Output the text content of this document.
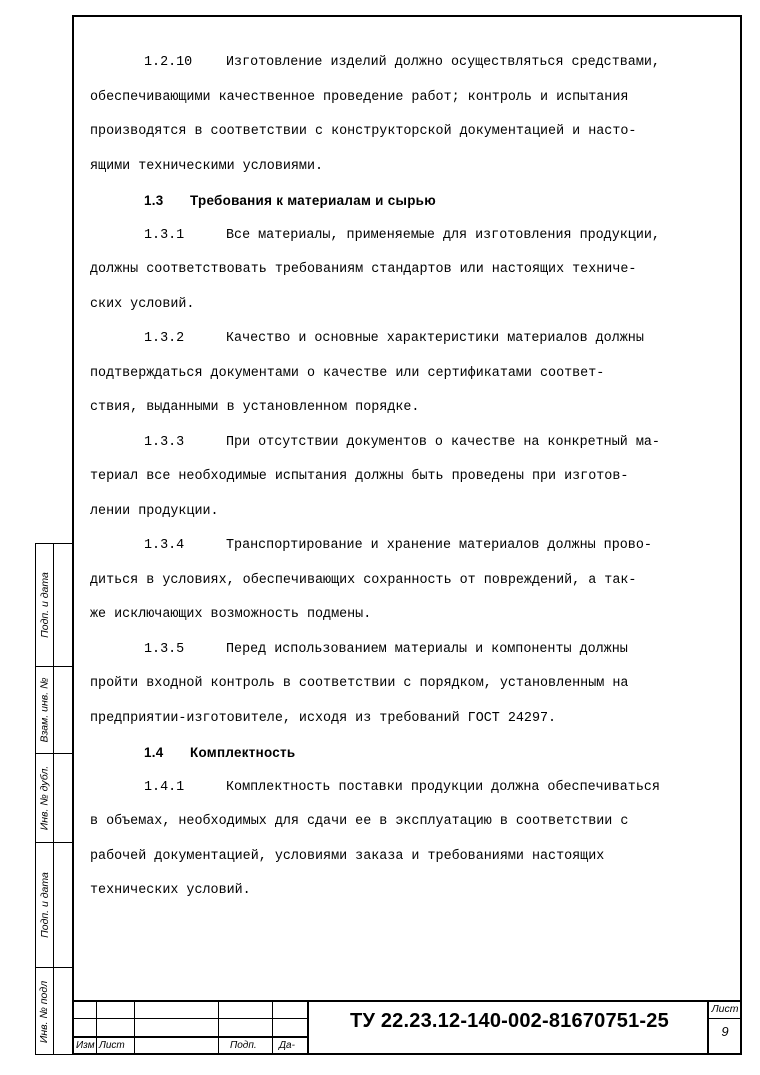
1.2.10	Изготовление изделий должно осуществляться средствами,
обеспечивающими качественное проведение работ; контроль и испытания
производятся в соответствии с конструкторской документацией и насто-
ящими техническими условиями.

1.3 Требования к материалам и сырью

1.3.1	Все материалы, применяемые для изготовления продукции,
должны соответствовать требованиям стандартов или настоящих техниче-
ских условий.

1.3.2	Качество и основные характеристики материалов должны
подтверждаться документами о качестве или сертификатами соответ-
ствия, выданными в установленном порядке.

1.3.3	При отсутствии документов о качестве на конкретный ма-
териал все необходимые испытания должны быть проведены при изготов-
лении продукции.

1.3.4	Транспортирование и хранение материалов должны прово-
диться в условиях, обеспечивающих сохранность от повреждений, а так-
же исключающих возможность подмены.

1.3.5	Перед использованием материалы и компоненты должны
пройти входной контроль в соответствии с порядком, установленным на
предприятии-изготовителе, исходя из требований ГОСТ 24297.

1.4 Комплектность

1.4.1	Комплектность поставки продукции должна обеспечиваться
в объемах, необходимых для сдачи ее в эксплуатацию в соответствии с
рабочей документацией, условиями заказа и требованиями настоящих
технических условий.

Подп. и дата
Взам. инв. №
Инв. № дубл.
Подп. и дата
Инв. № подл
Изм Лист	Подп. Да-
ТУ 22.23.12-140-002-81670751-25
Лист
9
